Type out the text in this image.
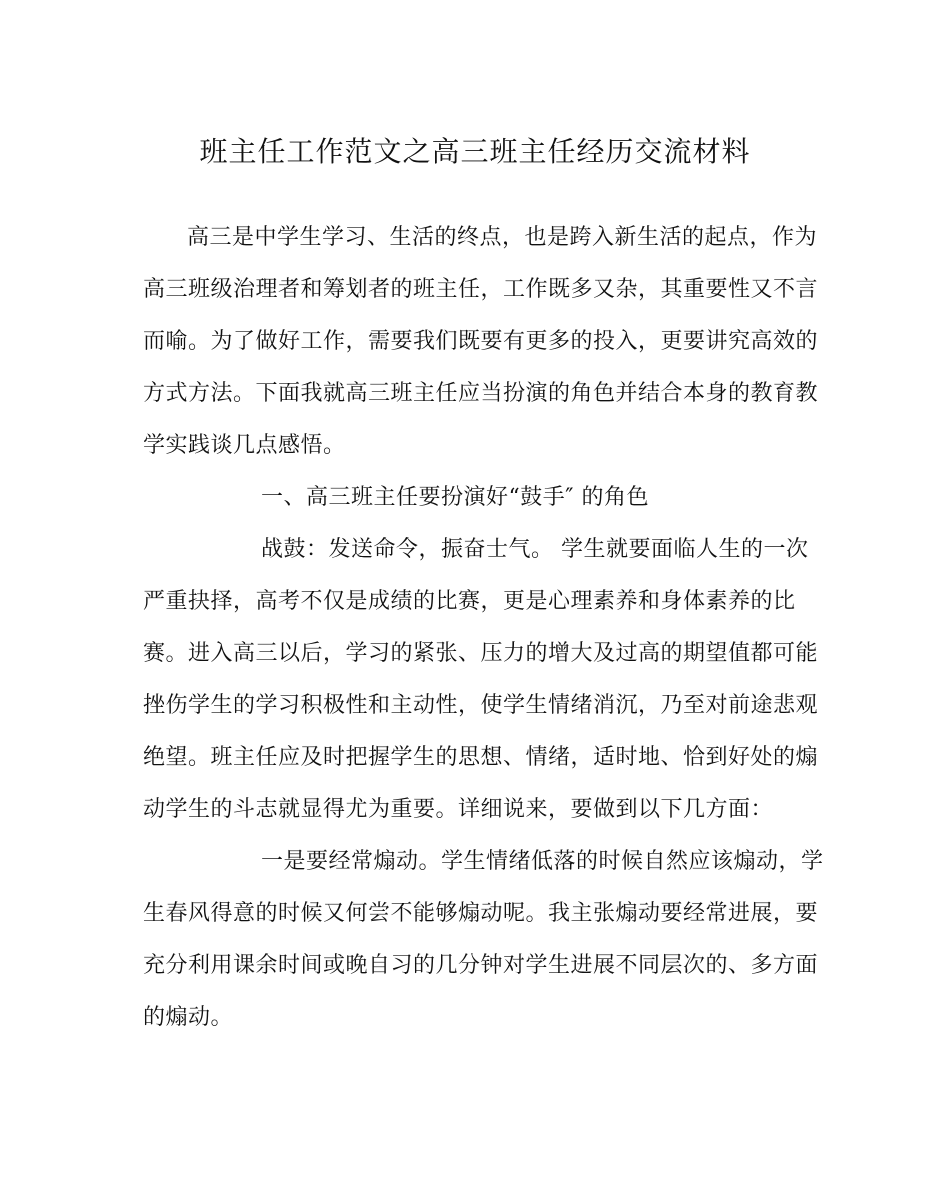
班主任工作范文之高三班主任经历交流材料
高三是中学生学习、生活的终点，也是跨入新生活的起点，作为
高三班级治理者和筹划者的班主任，工作既多又杂，其重要性又不言
而喻。为了做好工作，需要我们既要有更多的投入，更要讲究高效的
方式方法。下面我就高三班主任应当扮演的角色并结合本身的教育教
学实践谈几点感悟。
一、高三班主任要扮演好“鼓手″ 的角色
战鼓：发送命令，振奋士气。 学生就要面临人生的一次
严重抉择，高考不仅是成绩的比赛，更是心理素养和身体素养的比
赛。进入高三以后，学习的紧张、压力的增大及过高的期望值都可能
挫伤学生的学习积极性和主动性，使学生情绪消沉，乃至对前途悲观
绝望。班主任应及时把握学生的思想、情绪，适时地、恰到好处的煽
动学生的斗志就显得尤为重要。详细说来，要做到以下几方面：
一是要经常煽动。学生情绪低落的时候自然应该煽动，学
生春风得意的时候又何尝不能够煽动呢。我主张煽动要经常进展，要
充分利用课余时间或晚自习的几分钟对学生进展不同层次的、多方面
的煽动。
